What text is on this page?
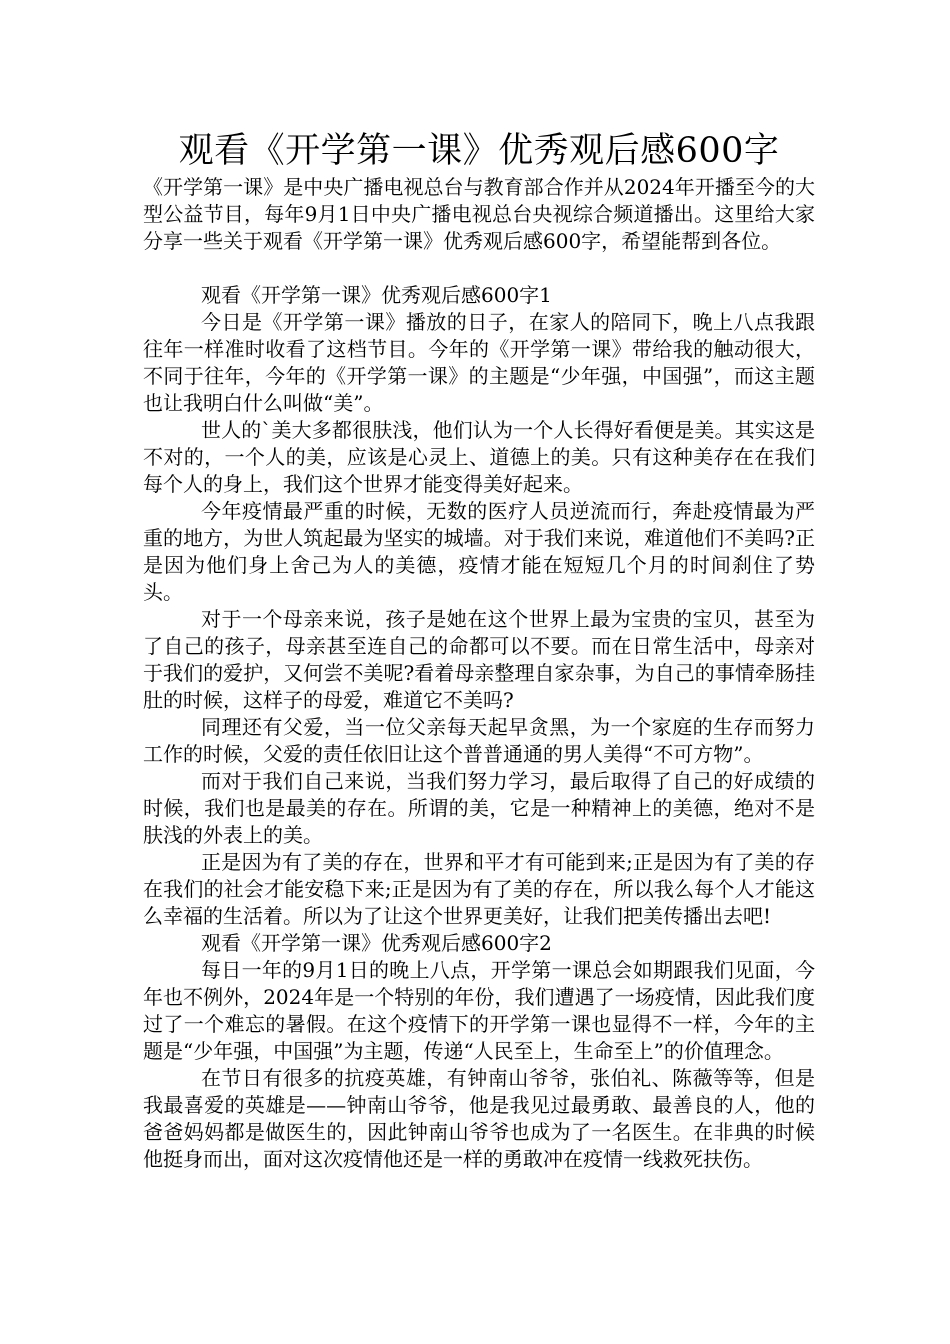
观看《开学第一课》优秀观后感600字

《开学第一课》是中央广播电视总台与教育部合作并从2024年开播至今的大型公益节目，每年9月1日中央广播电视总台央视综合频道播出。这里给大家分享一些关于观看《开学第一课》优秀观后感600字，希望能帮到各位。

观看《开学第一课》优秀观后感600字1

今日是《开学第一课》播放的日子，在家人的陪同下，晚上八点我跟往年一样准时收看了这档节目。今年的《开学第一课》带给我的触动很大，不同于往年，今年的《开学第一课》的主题是“少年强，中国强”，而这主题也让我明白什么叫做“美”。

世人的`美大多都很肤浅，他们认为一个人长得好看便是美。其实这是不对的，一个人的美，应该是心灵上、道德上的美。只有这种美存在在我们每个人的身上，我们这个世界才能变得美好起来。

今年疫情最严重的时候，无数的医疗人员逆流而行，奔赴疫情最为严重的地方，为世人筑起最为坚实的城墙。对于我们来说，难道他们不美吗?正是因为他们身上舍己为人的美德，疫情才能在短短几个月的时间刹住了势头。

对于一个母亲来说，孩子是她在这个世界上最为宝贵的宝贝，甚至为了自己的孩子，母亲甚至连自己的命都可以不要。而在日常生活中，母亲对于我们的爱护，又何尝不美呢?看着母亲整理自家杂事，为自己的事情牵肠挂肚的时候，这样子的母爱，难道它不美吗?

同理还有父爱，当一位父亲每天起早贪黑，为一个家庭的生存而努力工作的时候，父爱的责任依旧让这个普普通通的男人美得“不可方物”。

而对于我们自己来说，当我们努力学习，最后取得了自己的好成绩的时候，我们也是最美的存在。所谓的美，它是一种精神上的美德，绝对不是肤浅的外表上的美。

正是因为有了美的存在，世界和平才有可能到来;正是因为有了美的存在我们的社会才能安稳下来;正是因为有了美的存在，所以我么每个人才能这么幸福的生活着。所以为了让这个世界更美好，让我们把美传播出去吧!

观看《开学第一课》优秀观后感600字2

每日一年的9月1日的晚上八点，开学第一课总会如期跟我们见面，今年也不例外，2024年是一个特别的年份，我们遭遇了一场疫情，因此我们度过了一个难忘的暑假。在这个疫情下的开学第一课也显得不一样，今年的主题是“少年强，中国强”为主题，传递“人民至上，生命至上”的价值理念。

在节日有很多的抗疫英雄，有钟南山爷爷，张伯礼、陈薇等等，但是我最喜爱的英雄是——钟南山爷爷，他是我见过最勇敢、最善良的人，他的爸爸妈妈都是做医生的，因此钟南山爷爷也成为了一名医生。在非典的时候他挺身而出，面对这次疫情他还是一样的勇敢冲在疫情一线救死扶伤。
